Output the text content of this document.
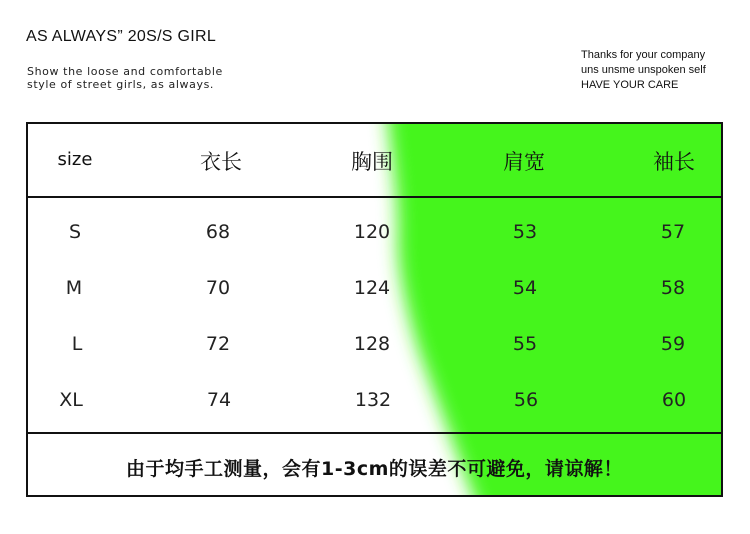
AS ALWAYS” 20S/S GIRL
Show the loose and comfortable
style of street girls, as always.
Thanks for your company
uns unsme unspoken self
HAVE YOUR CARE
size	衣长	胸围	肩宽	袖长
S	68	120	53	57
M	70	124	54	58
L	72	128	55	59
XL	74	132	56	60
由于均手工测量，会有1-3cm的误差不可避免，请谅解！
